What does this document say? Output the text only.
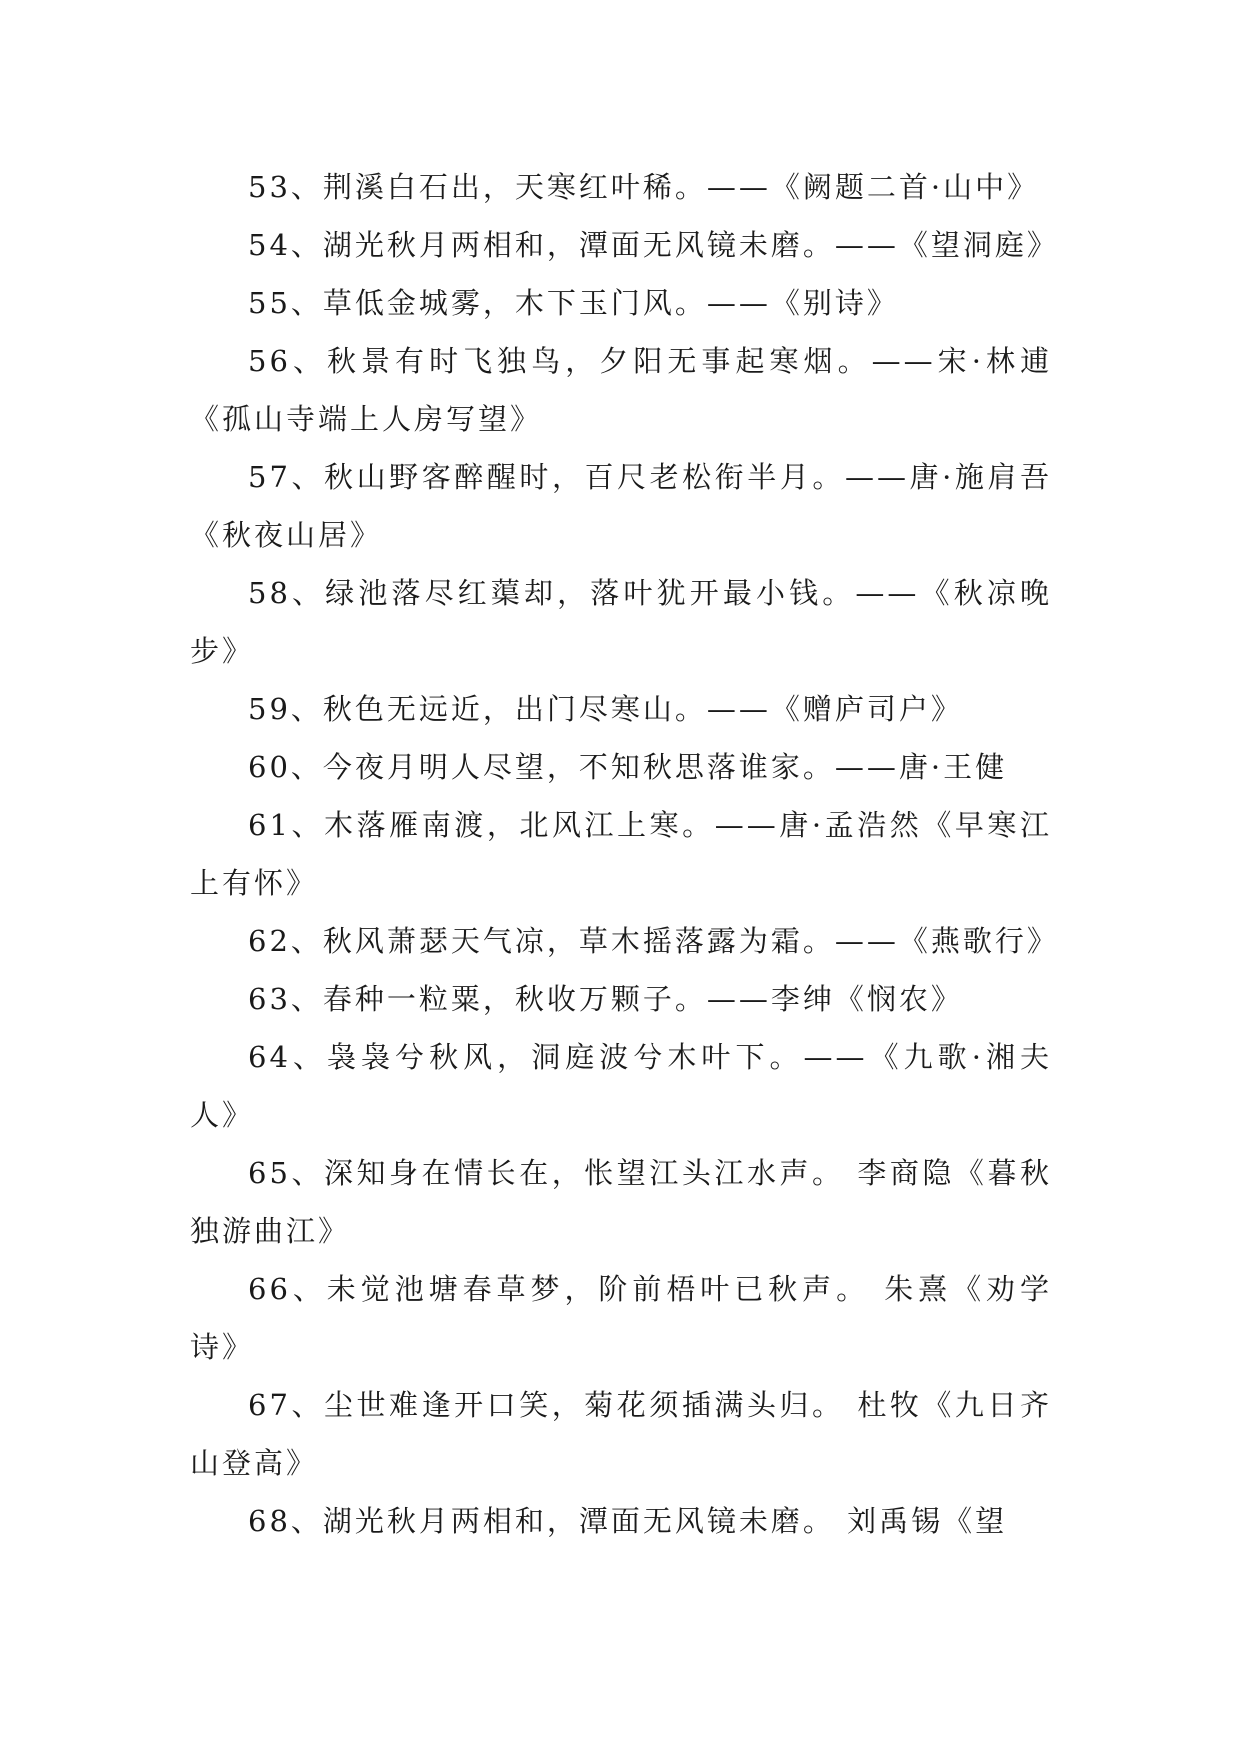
53、荆溪白石出，天寒红叶稀。——《阙题二首·山中》

54、湖光秋月两相和，潭面无风镜未磨。——《望洞庭》

55、草低金城雾，木下玉门风。——《别诗》

56、秋景有时飞独鸟，夕阳无事起寒烟。——宋·林逋《孤山寺端上人房写望》

57、秋山野客醉醒时，百尺老松衔半月。——唐·施肩吾《秋夜山居》

58、绿池落尽红蕖却，落叶犹开最小钱。——《秋凉晚步》

59、秋色无远近，出门尽寒山。——《赠庐司户》

60、今夜月明人尽望，不知秋思落谁家。——唐·王健

61、木落雁南渡，北风江上寒。——唐·孟浩然《早寒江上有怀》

62、秋风萧瑟天气凉，草木摇落露为霜。——《燕歌行》

63、春种一粒粟，秋收万颗子。——李绅《悯农》

64、袅袅兮秋风，洞庭波兮木叶下。——《九歌·湘夫人》

65、深知身在情长在，怅望江头江水声。 李商隐《暮秋独游曲江》

66、未觉池塘春草梦，阶前梧叶已秋声。 朱熹《劝学诗》

67、尘世难逢开口笑，菊花须插满头归。 杜牧《九日齐山登高》

68、湖光秋月两相和，潭面无风镜未磨。 刘禹锡《望
